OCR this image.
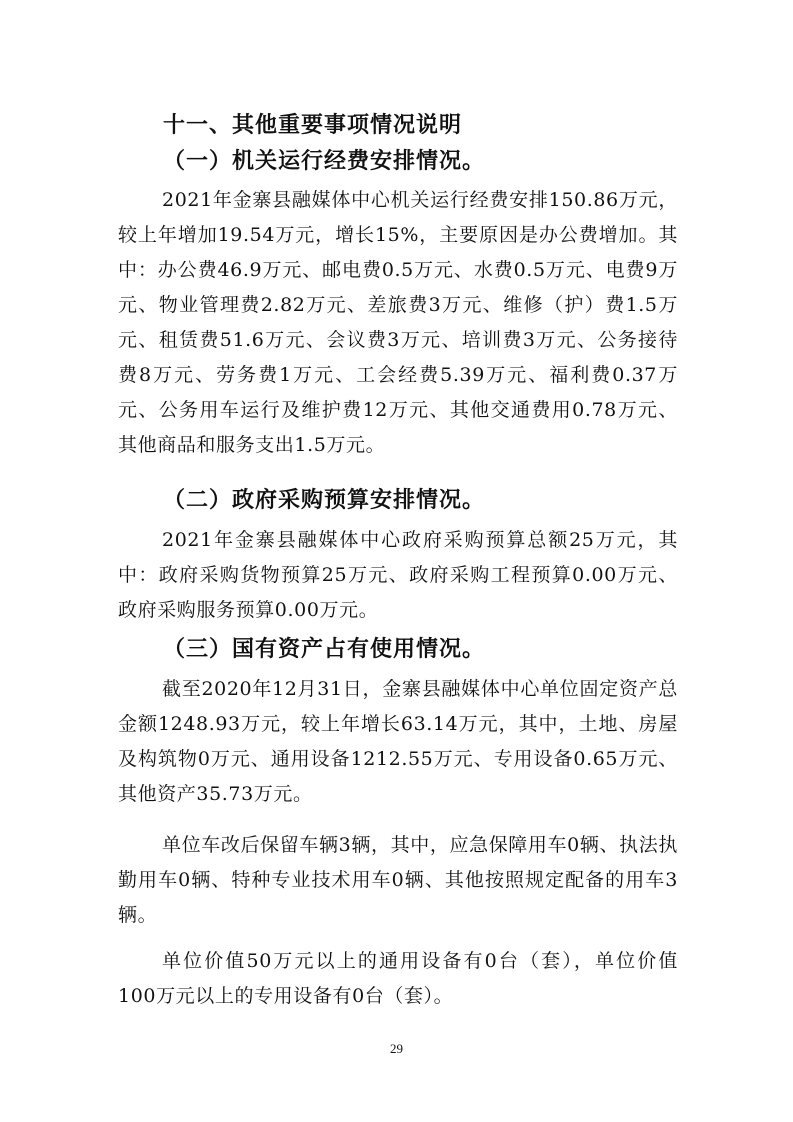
十一、其他重要事项情况说明
（一）机关运行经费安排情况。
2021年金寨县融媒体中心机关运行经费安排150.86万元，较上年增加19.54万元，增长15%，主要原因是办公费增加。其中：办公费46.9万元、邮电费0.5万元、水费0.5万元、电费9万元、物业管理费2.82万元、差旅费3万元、维修（护）费1.5万元、租赁费51.6万元、会议费3万元、培训费3万元、公务接待费8万元、劳务费1万元、工会经费5.39万元、福利费0.37万元、公务用车运行及维护费12万元、其他交通费用0.78万元、其他商品和服务支出1.5万元。
（二）政府采购预算安排情况。
2021年金寨县融媒体中心政府采购预算总额25万元，其中：政府采购货物预算25万元、政府采购工程预算0.00万元、政府采购服务预算0.00万元。
（三）国有资产占有使用情况。
截至2020年12月31日，金寨县融媒体中心单位固定资产总金额1248.93万元，较上年增长63.14万元，其中，土地、房屋及构筑物0万元、通用设备1212.55万元、专用设备0.65万元、其他资产35.73万元。
单位车改后保留车辆3辆，其中，应急保障用车0辆、执法执勤用车0辆、特种专业技术用车0辆、其他按照规定配备的用车3辆。
单位价值50万元以上的通用设备有0台（套），单位价值100万元以上的专用设备有0台（套）。
29
